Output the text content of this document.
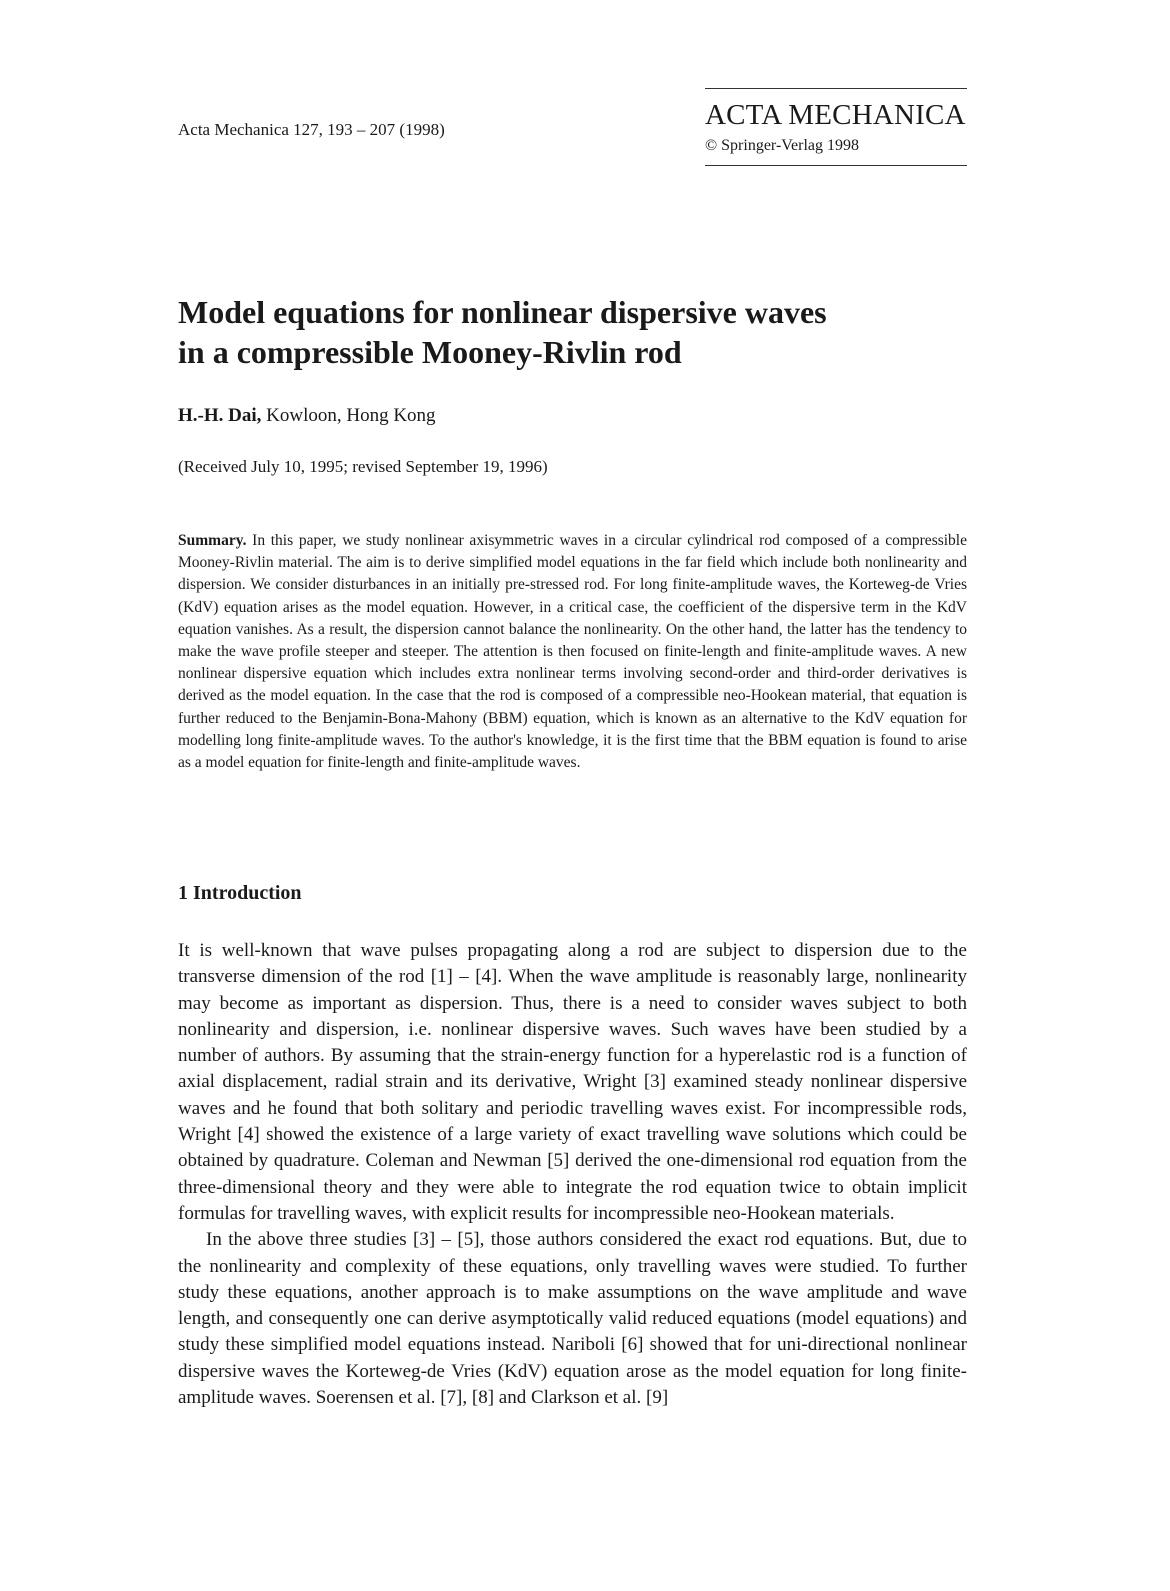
Acta Mechanica 127, 193 – 207 (1998)	ACTA MECHANICA
© Springer-Verlag 1998
Model equations for nonlinear dispersive waves
in a compressible Mooney-Rivlin rod
H.-H. Dai, Kowloon, Hong Kong
(Received July 10, 1995; revised September 19, 1996)
Summary. In this paper, we study nonlinear axisymmetric waves in a circular cylindrical rod composed of a compressible Mooney-Rivlin material. The aim is to derive simplified model equations in the far field which include both nonlinearity and dispersion. We consider disturbances in an initially pre-stressed rod. For long finite-amplitude waves, the Korteweg-de Vries (KdV) equation arises as the model equation. However, in a critical case, the coefficient of the dispersive term in the KdV equation vanishes. As a result, the dispersion cannot balance the nonlinearity. On the other hand, the latter has the tendency to make the wave profile steeper and steeper. The attention is then focused on finite-length and finite-amplitude waves. A new nonlinear dispersive equation which includes extra nonlinear terms involving second-order and third-order derivatives is derived as the model equation. In the case that the rod is composed of a compressible neo-Hookean material, that equation is further reduced to the Benjamin-Bona-Mahony (BBM) equation, which is known as an alternative to the KdV equation for modelling long finite-amplitude waves. To the author's knowledge, it is the first time that the BBM equation is found to arise as a model equation for finite-length and finite-amplitude waves.
1 Introduction

It is well-known that wave pulses propagating along a rod are subject to dispersion due to the transverse dimension of the rod [1] – [4]. When the wave amplitude is reasonably large, nonlinearity may become as important as dispersion. Thus, there is a need to consider waves subject to both nonlinearity and dispersion, i.e. nonlinear dispersive waves. Such waves have been studied by a number of authors. By assuming that the strain-energy function for a hyperelastic rod is a function of axial displacement, radial strain and its derivative, Wright [3] examined steady nonlinear dispersive waves and he found that both solitary and periodic travelling waves exist. For incompressible rods, Wright [4] showed the existence of a large variety of exact travelling wave solutions which could be obtained by quadrature. Coleman and Newman [5] derived the one-dimensional rod equation from the three-dimensional theory and they were able to integrate the rod equation twice to obtain implicit formulas for travelling waves, with explicit results for incompressible neo-Hookean materials.

In the above three studies [3] – [5], those authors considered the exact rod equations. But, due to the nonlinearity and complexity of these equations, only travelling waves were studied. To further study these equations, another approach is to make assumptions on the wave amplitude and wave length, and consequently one can derive asymptotically valid reduced equations (model equations) and study these simplified model equations instead. Nariboli [6] showed that for uni-directional nonlinear dispersive waves the Korteweg-de Vries (KdV) equation arose as the model equation for long finite-amplitude waves. Soerensen et al. [7], [8] and Clarkson et al. [9]
